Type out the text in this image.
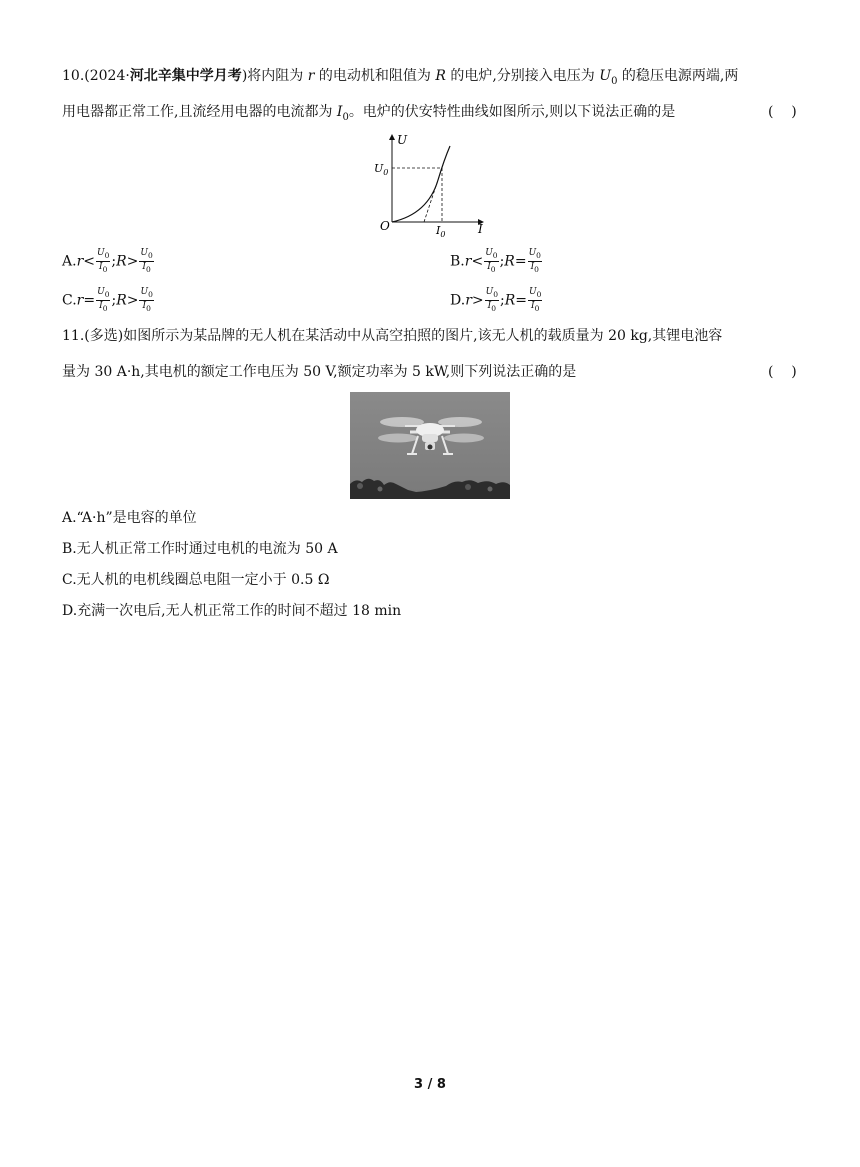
10.(2024·河北辛集中学月考)将内阻为 r 的电动机和阻值为 R 的电炉,分别接入电压为 $U_0$ 的稳压电源两端,两
用电器都正常工作,且流经用电器的电流都为 $I_0$。电炉的伏安特性曲线如图所示,则以下说法正确的是	(    )
U
I
O
$U_0$
$I_0$
$A.r< \frac{U_0}{I_0}$ ;R> $\frac{U_0}{I_0}$	$B.r< \frac{U_0}{I_0}$ ;R= $\frac{U_0}{I_0}$
$C.r= \frac{U_0}{I_0}$ ;R> $\frac{U_0}{I_0}$	$D.r> \frac{U_0}{I_0}$ ;R= $\frac{U_0}{I_0}$
11.(多选)如图所示为某品牌的无人机在某活动中从高空拍照的图片,该无人机的载质量为 20 kg,其锂电池容
量为 30 A·h,其电机的额定工作电压为 50 V,额定功率为 5 kW,则下列说法正确的是	(    )
A.“A·h”是电容的单位
B.无人机正常工作时通过电机的电流为 50 A
C.无人机的电机线圈总电阻一定小于 0.5 Ω
D.充满一次电后,无人机正常工作的时间不超过 18 min
3 / 8
